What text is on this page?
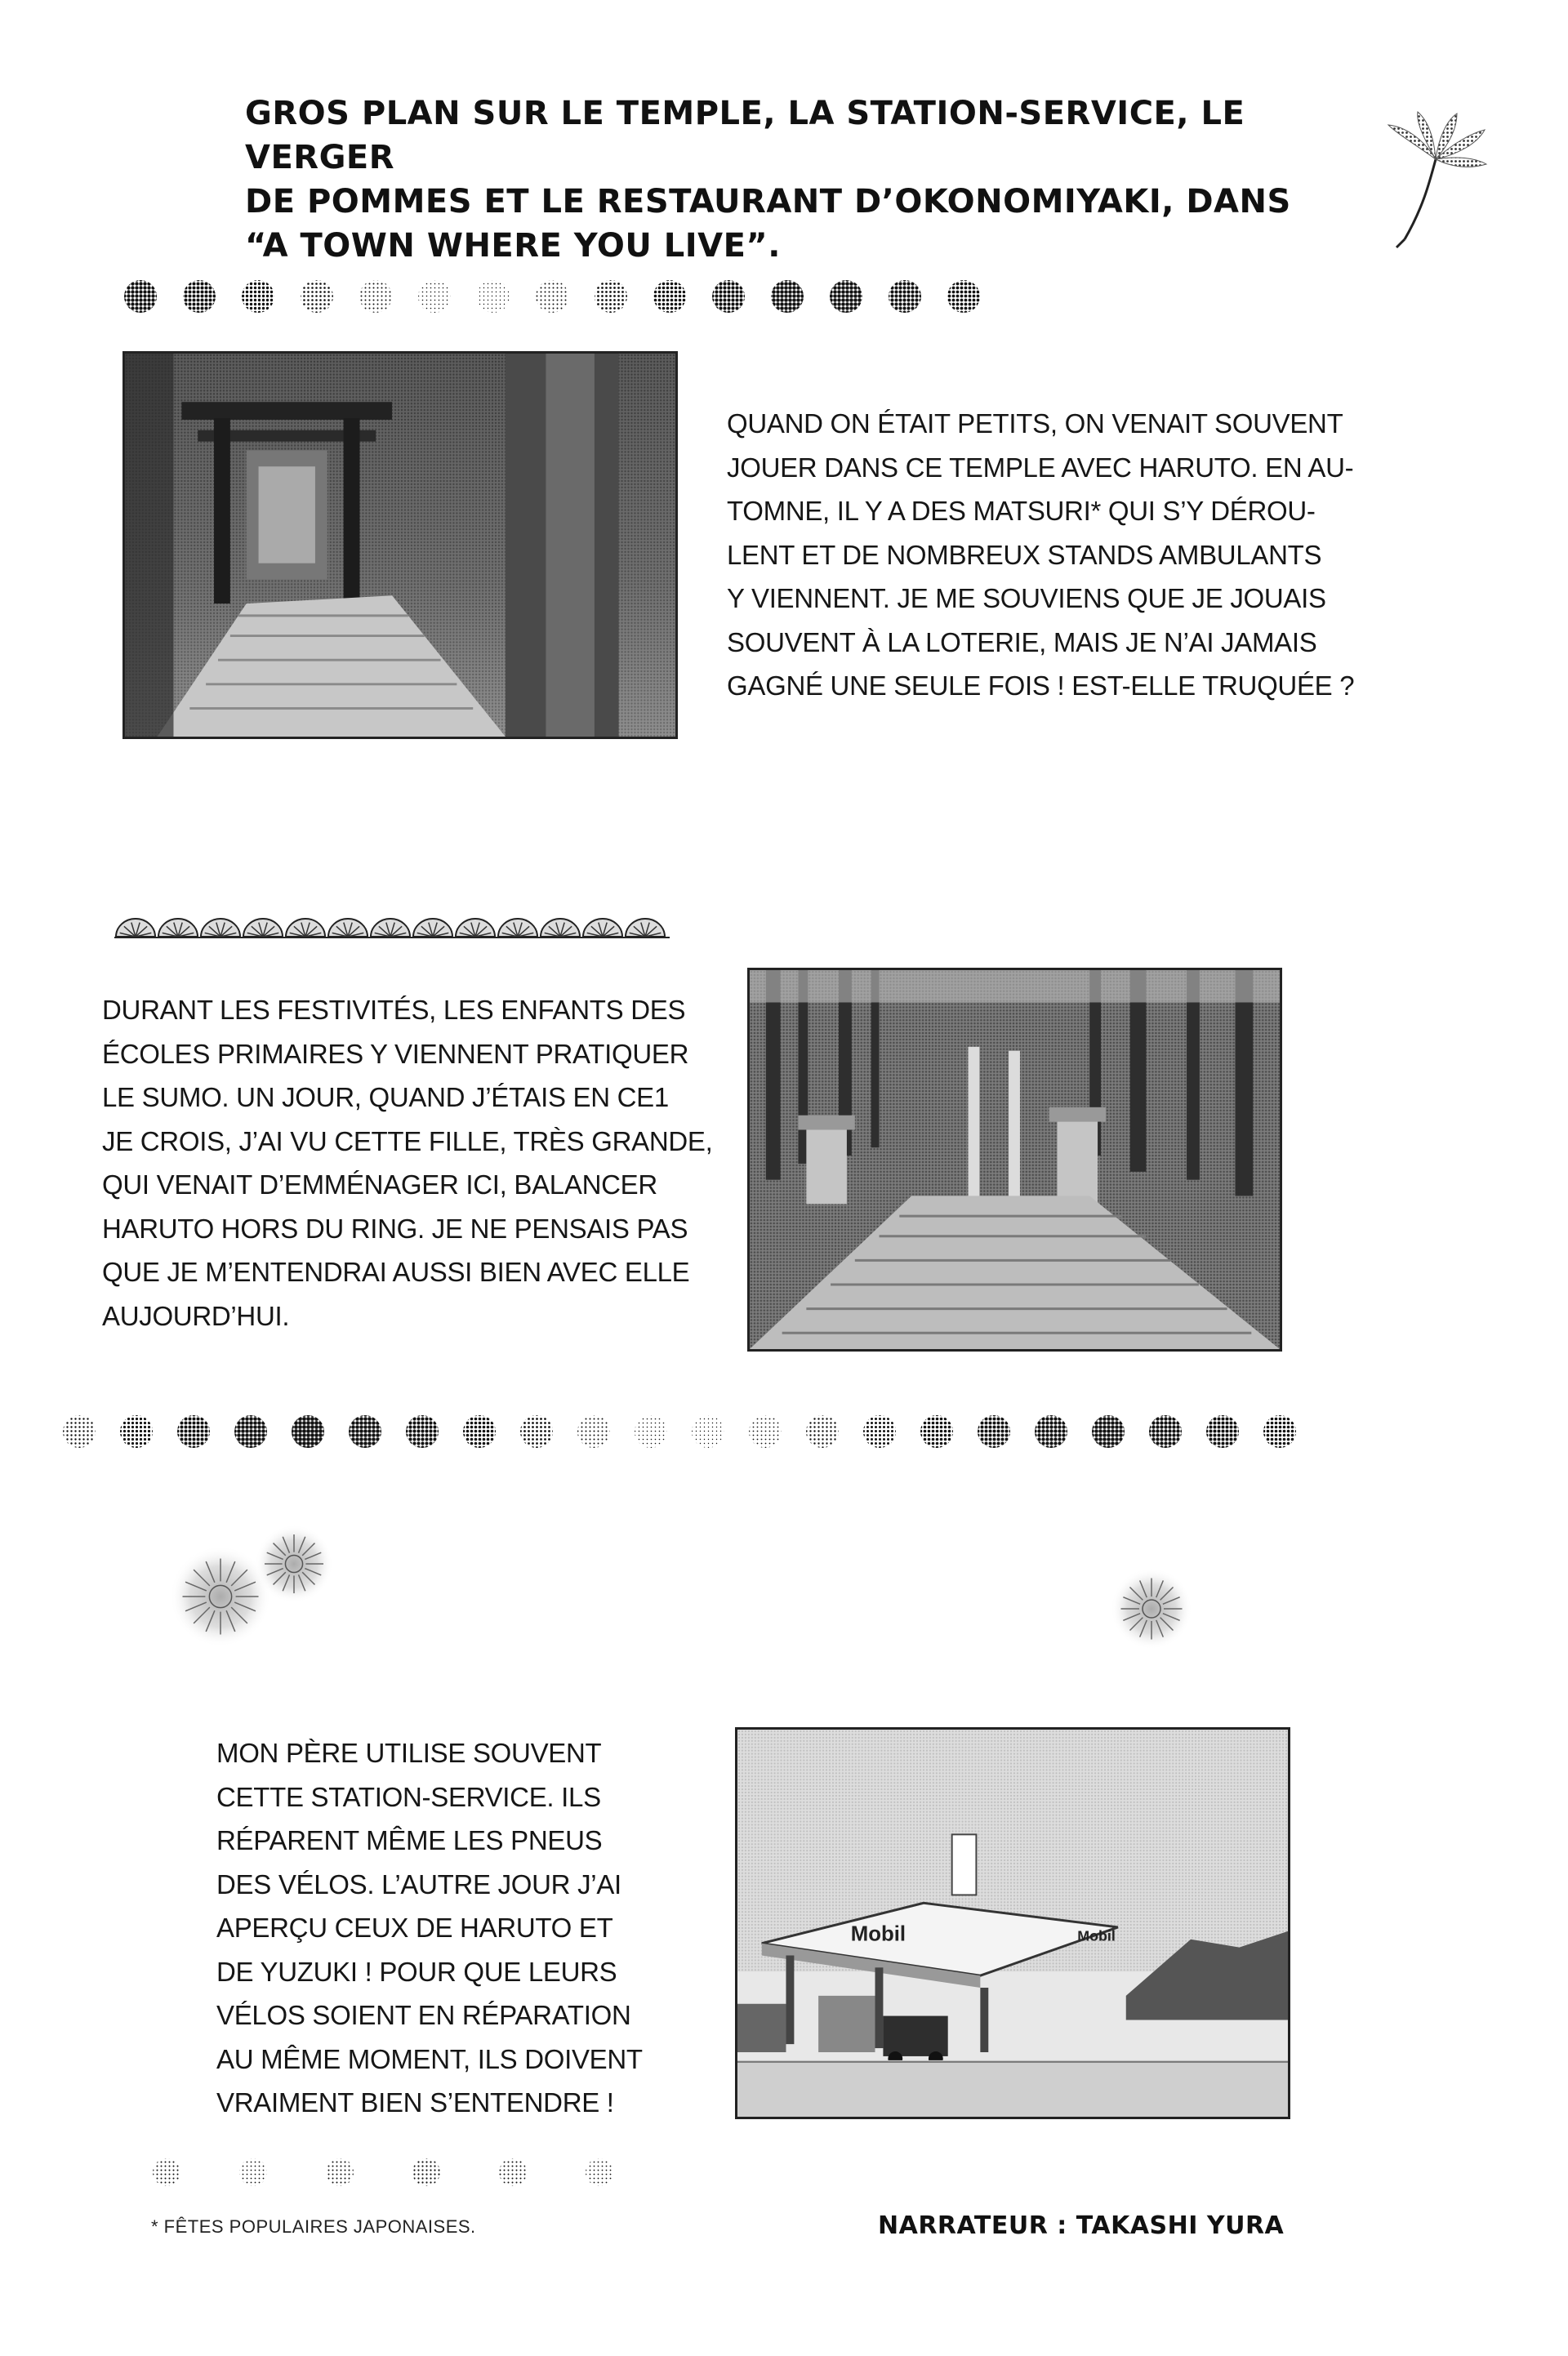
GROS PLAN SUR LE TEMPLE, LA STATION-SERVICE, LE VERGER
DE POMMES ET LE RESTAURANT D’OKONOMIYAKI, DANS
“A TOWN WHERE YOU LIVE”.
QUAND ON ÉTAIT PETITS, ON VENAIT SOUVENT
JOUER DANS CE TEMPLE AVEC HARUTO. EN AU-
TOMNE, IL Y A DES MATSURI* QUI S’Y DÉROU-
LENT ET DE NOMBREUX STANDS AMBULANTS
Y VIENNENT. JE ME SOUVIENS QUE JE JOUAIS
SOUVENT À LA LOTERIE, MAIS JE N’AI JAMAIS
GAGNÉ UNE SEULE FOIS ! EST-ELLE TRUQUÉE ?
DURANT LES FESTIVITÉS, LES ENFANTS DES
ÉCOLES PRIMAIRES Y VIENNENT PRATIQUER
LE SUMO. UN JOUR, QUAND J’ÉTAIS EN CE1
JE CROIS, J’AI VU CETTE FILLE, TRÈS GRANDE,
QUI VENAIT D’EMMÉNAGER ICI, BALANCER
HARUTO HORS DU RING. JE NE PENSAIS PAS
QUE JE M’ENTENDRAI AUSSI BIEN AVEC ELLE
AUJOURD’HUI.
MON PÈRE UTILISE SOUVENT
CETTE STATION-SERVICE. ILS
RÉPARENT MÊME LES PNEUS
DES VÉLOS. L’AUTRE JOUR J’AI
APERÇU CEUX DE HARUTO ET
DE YUZUKI ! POUR QUE LEURS
VÉLOS SOIENT EN RÉPARATION
AU MÊME MOMENT, ILS DOIVENT
VRAIMENT BIEN S’ENTENDRE !
Mobil	Mobil
* FÊTES POPULAIRES JAPONAISES.	NARRATEUR : TAKASHI YURA
